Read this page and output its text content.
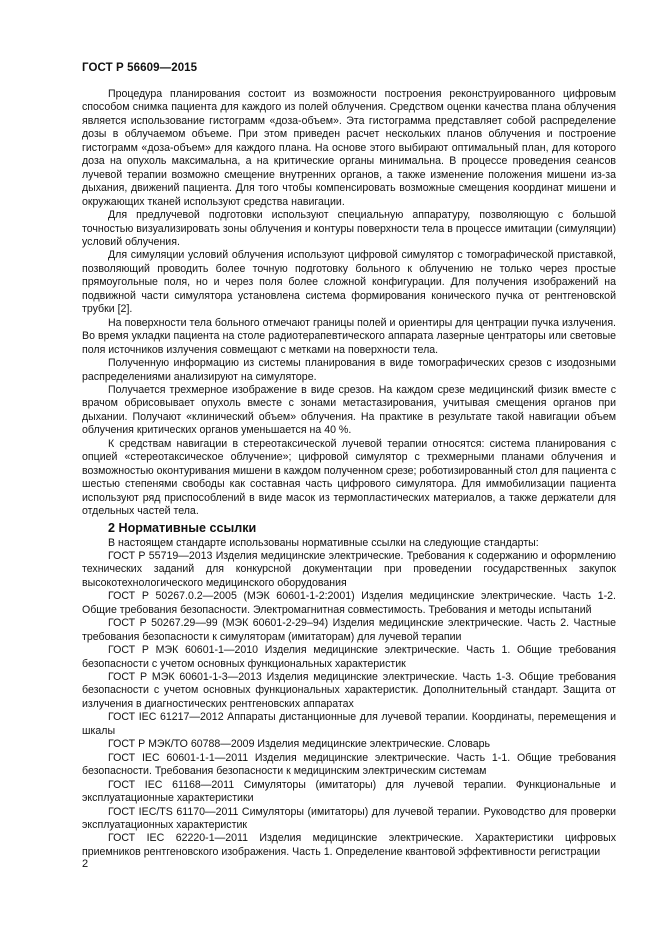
ГОСТ Р 56609—2015

Процедура планирования состоит из возможности построения реконструированного цифровым способом снимка пациента для каждого из полей облучения. Средством оценки качества плана облучения является использование гистограмм «доза-объем». Эта гистограмма представляет собой распределение дозы в облучаемом объеме. При этом приведен расчет нескольких планов облучения и построение гистограмм «доза-объем» для каждого плана. На основе этого выбирают оптимальный план, для которого доза на опухоль максимальна, а на критические органы минимальна. В процессе проведения сеансов лучевой терапии возможно смещение внутренних органов, а также изменение положения мишени из-за дыхания, движений пациента. Для того чтобы компенсировать возможные смещения координат мишени и окружающих тканей используют средства навигации.

Для предлучевой подготовки используют специальную аппаратуру, позволяющую с большой точностью визуализировать зоны облучения и контуры поверхности тела в процессе имитации (симуляции) условий облучения.

Для симуляции условий облучения используют цифровой симулятор с томографической приставкой, позволяющий проводить более точную подготовку больного к облучению не только через простые прямоугольные поля, но и через поля более сложной конфигурации. Для получения изображений на подвижной части симулятора установлена система формирования конического пучка от рентгеновской трубки [2].

На поверхности тела больного отмечают границы полей и ориентиры для центрации пучка излучения. Во время укладки пациента на столе радиотерапевтического аппарата лазерные центраторы или световые поля источников излучения совмещают с метками на поверхности тела.

Полученную информацию из системы планирования в виде томографических срезов с изодозными распределениями анализируют на симуляторе.

Получается трехмерное изображение в виде срезов. На каждом срезе медицинский физик вместе с врачом обрисовывает опухоль вместе с зонами метастазирования, учитывая смещения органов при дыхании. Получают «клинический объем» облучения. На практике в результате такой навигации объем облучения критических органов уменьшается на 40 %.

К средствам навигации в стереотаксической лучевой терапии относятся: система планирования с опцией «стереотаксическое облучение»; цифровой симулятор с трехмерными планами облучения и возможностью оконтуривания мишени в каждом полученном срезе; роботизированный стол для пациента с шестью степенями свободы как составная часть цифрового симулятора. Для иммобилизации пациента используют ряд приспособлений в виде масок из термопластических материалов, а также держатели для отдельных частей тела.

2 Нормативные ссылки

В настоящем стандарте использованы нормативные ссылки на следующие стандарты:

ГОСТ Р 55719—2013 Изделия медицинские электрические. Требования к содержанию и оформлению технических заданий для конкурсной документации при проведении государственных закупок высокотехнологического медицинского оборудования

ГОСТ Р 50267.0.2—2005 (МЭК 60601-1-2:2001) Изделия медицинские электрические. Часть 1-2. Общие требования безопасности. Электромагнитная совместимость. Требования и методы испытаний

ГОСТ Р 50267.29—99 (МЭК 60601-2-29–94) Изделия медицинские электрические. Часть 2. Частные требования безопасности к симуляторам (имитаторам) для лучевой терапии

ГОСТ Р МЭК 60601-1—2010 Изделия медицинские электрические. Часть 1. Общие требования безопасности с учетом основных функциональных характеристик

ГОСТ Р МЭК 60601-1-3—2013 Изделия медицинские электрические. Часть 1-3. Общие требования безопасности с учетом основных функциональных характеристик. Дополнительный стандарт. Защита от излучения в диагностических рентгеновских аппаратах

ГОСТ IEC 61217—2012 Аппараты дистанционные для лучевой терапии. Координаты, перемещения и шкалы

ГОСТ Р МЭК/ТО 60788—2009 Изделия медицинские электрические. Словарь

ГОСТ IEC 60601-1-1—2011 Изделия медицинские электрические. Часть 1-1. Общие требования безопасности. Требования безопасности к медицинским электрическим системам

ГОСТ IEC 61168—2011 Симуляторы (имитаторы) для лучевой терапии. Функциональные и эксплуатационные характеристики

ГОСТ IEC/TS 61170—2011 Симуляторы (имитаторы) для лучевой терапии. Руководство для проверки эксплуатационных характеристик

ГОСТ IEC 62220-1—2011 Изделия медицинские электрические. Характеристики цифровых приемников рентгеновского изображения. Часть 1. Определение квантовой эффективности регистрации

2
